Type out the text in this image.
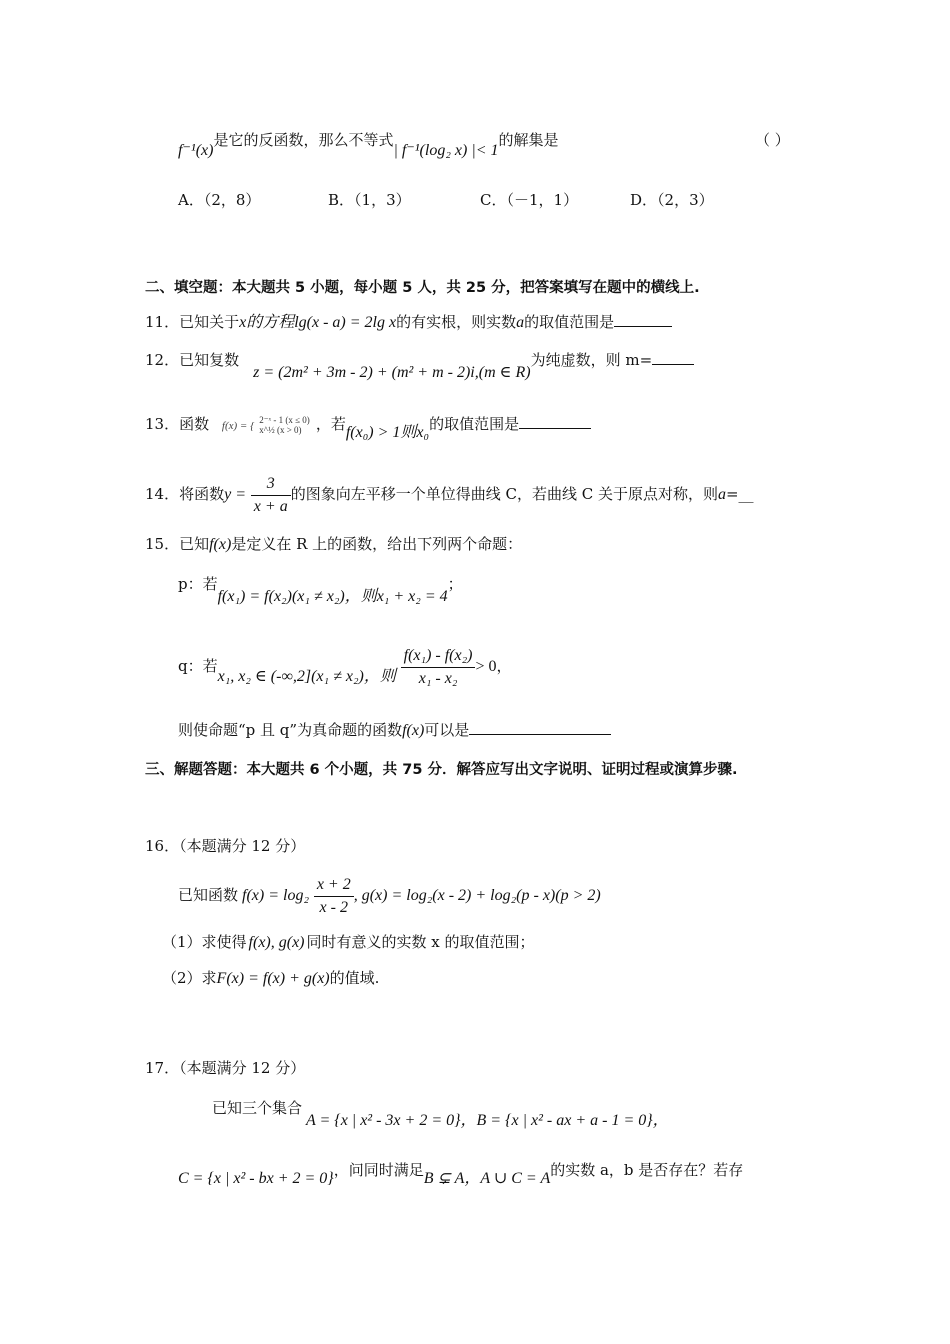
f⁻¹(x)是它的反函数，那么不等式| f⁻¹(log₂ x) |< 1的解集是	（ ）
A．（2，8）	B．（1，3）	C．（－1，1）	D．（2，3）
二、填空题：本大题共 5 小题，每小题 5 人，共 25 分，把答案填写在题中的横线上.
11．已知关于x的方程lg(x - a) = 2lg x的有实根，则实数a的取值范围是
12．已知复数z = (2m² + 3m - 2) + (m² + m - 2)i,(m ∈ R)为纯虚数，则 m=
13．函数 f(x) = { 2⁻ˣ - 1 (x ≤ 0)
x^½ (x > 0) ，若f(x₀) > 1则x₀的取值范围是
14．将函数$y = \frac{3}{x + a}$ 的图象向左平移一个单位得曲线 C，若曲线 C 关于原点对称，则a=__
15．已知f(x)是定义在 R 上的函数，给出下列两个命题：
p：若f(x₁) = f(x₂)(x₁ ≠ x₂)，则x₁ + x₂ = 4；
q：若x₁, x₂ ∈ (-∞,2](x₁ ≠ x₂)，则 $\frac{\text{f(x₁) - f(x₂)}}{\text{x₁ - x₂}} > 0$，
则使命题“p 且 q”为真命题的函数f(x)可以是
三、解题答题：本大题共 6 个小题，共 75 分．解答应写出文字说明、证明过程或演算步骤.
16．（本题满分 12 分）
已知函数 $f(x) = \log_2 \frac{x + 2}{x - 2}$ , g(x) = log₂(x - 2) + log₂(p - x)(p > 2)
（1）求使得 f(x), g(x) 同时有意义的实数 x 的取值范围；
（2）求F(x) = f(x) + g(x)的值域.
17．（本题满分 12 分）
已知三个集合A = {x | x² - 3x + 2 = 0}，B = {x | x² - ax + a - 1 = 0}，
C = {x | x² - bx + 2 = 0}，问同时满足B ⊊ A，A ∪ C = A的实数 a，b 是否存在？若存
